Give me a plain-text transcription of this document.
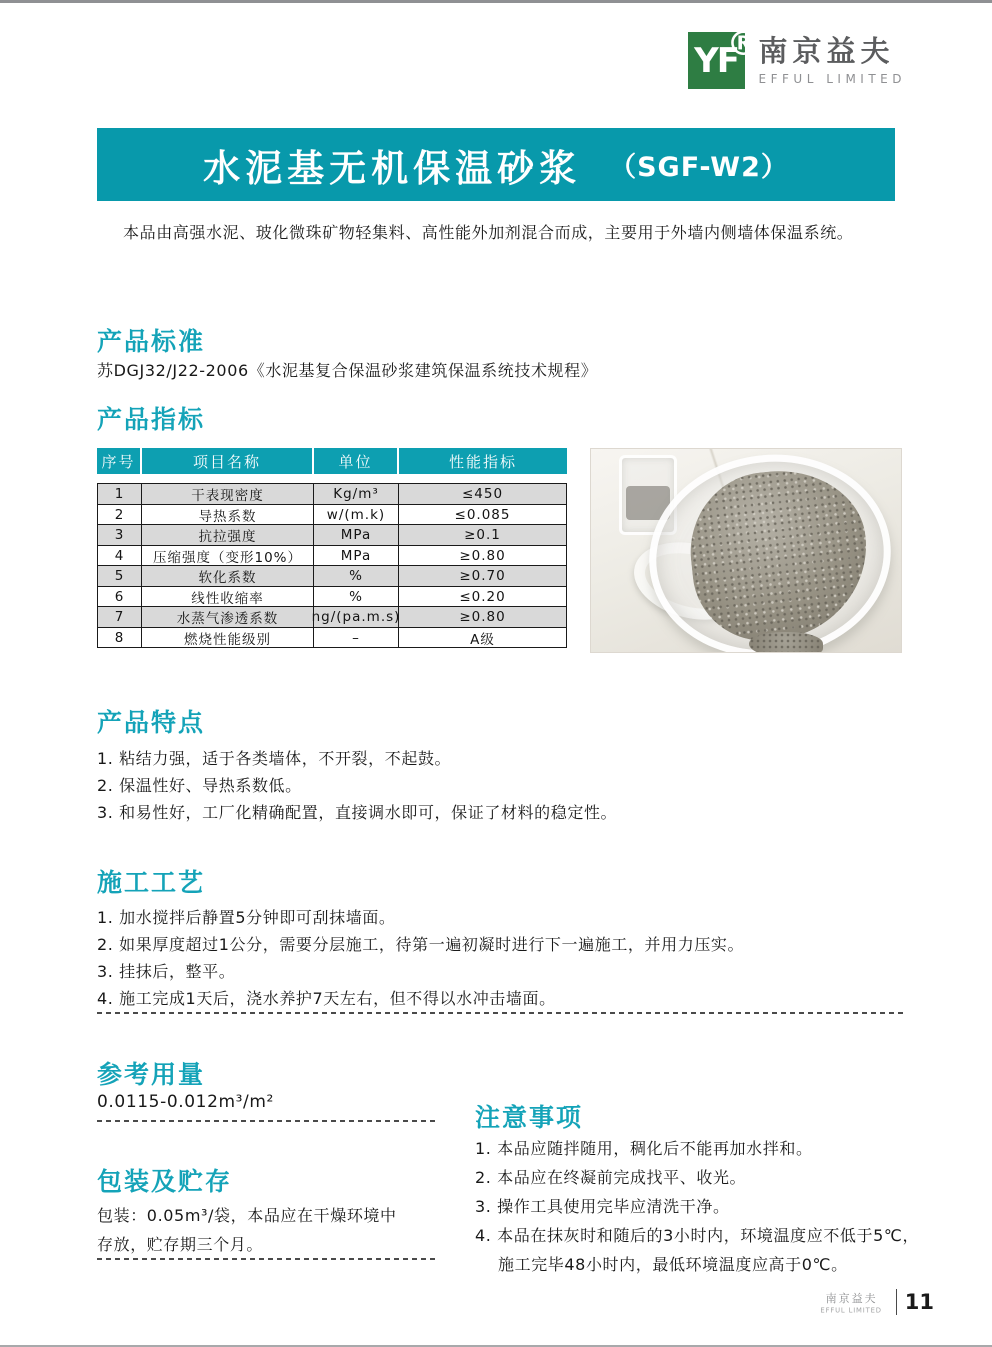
YF
® 南京益夫
EFFUL LIMITED
水泥基无机保温砂浆 （SGF-W2）
本品由高强水泥、玻化微珠矿物轻集料、高性能外加剂混合而成，主要用于外墙内侧墙体保温系统。
产品标准
苏DGJ32/J22-2006《水泥基复合保温砂浆建筑保温系统技术规程》
产品指标
序号	项目名称	单位	性能指标
1	干表现密度	Kg/m³	≤450
2	导热系数	w/(m.k)	≤0.085
3	抗拉强度	MPa	≥0.1
4	压缩强度（变形10%）	MPa	≥0.80
5	软化系数	%	≥0.70
6	线性收缩率	%	≤0.20
7	水蒸气渗透系数	ng/(pa.m.s)	≥0.80
8	燃烧性能级别	–	A级
产品特点
1. 粘结力强，适于各类墙体，不开裂，不起鼓。
2. 保温性好、导热系数低。
3. 和易性好，工厂化精确配置，直接调水即可，保证了材料的稳定性。
施工工艺
1. 加水搅拌后静置5分钟即可刮抹墙面。
2. 如果厚度超过1公分，需要分层施工，待第一遍初凝时进行下一遍施工，并用力压实。
3. 挂抹后，整平。
4. 施工完成1天后，浇水养护7天左右，但不得以水冲击墙面。
参考用量
0.0115-0.012m³/m²
包装及贮存
包装：0.05m³/袋，本品应在干燥环境中
存放，贮存期三个月。
注意事项
1. 本品应随拌随用，稠化后不能再加水拌和。
2. 本品应在终凝前完成找平、收光。
3. 操作工具使用完毕应清洗干净。
4. 本品在抹灰时和随后的3小时内，环境温度应不低于5℃，
施工完毕48小时内，最低环境温度应高于0℃。
南京益夫
EFFUL LIMITED 11
